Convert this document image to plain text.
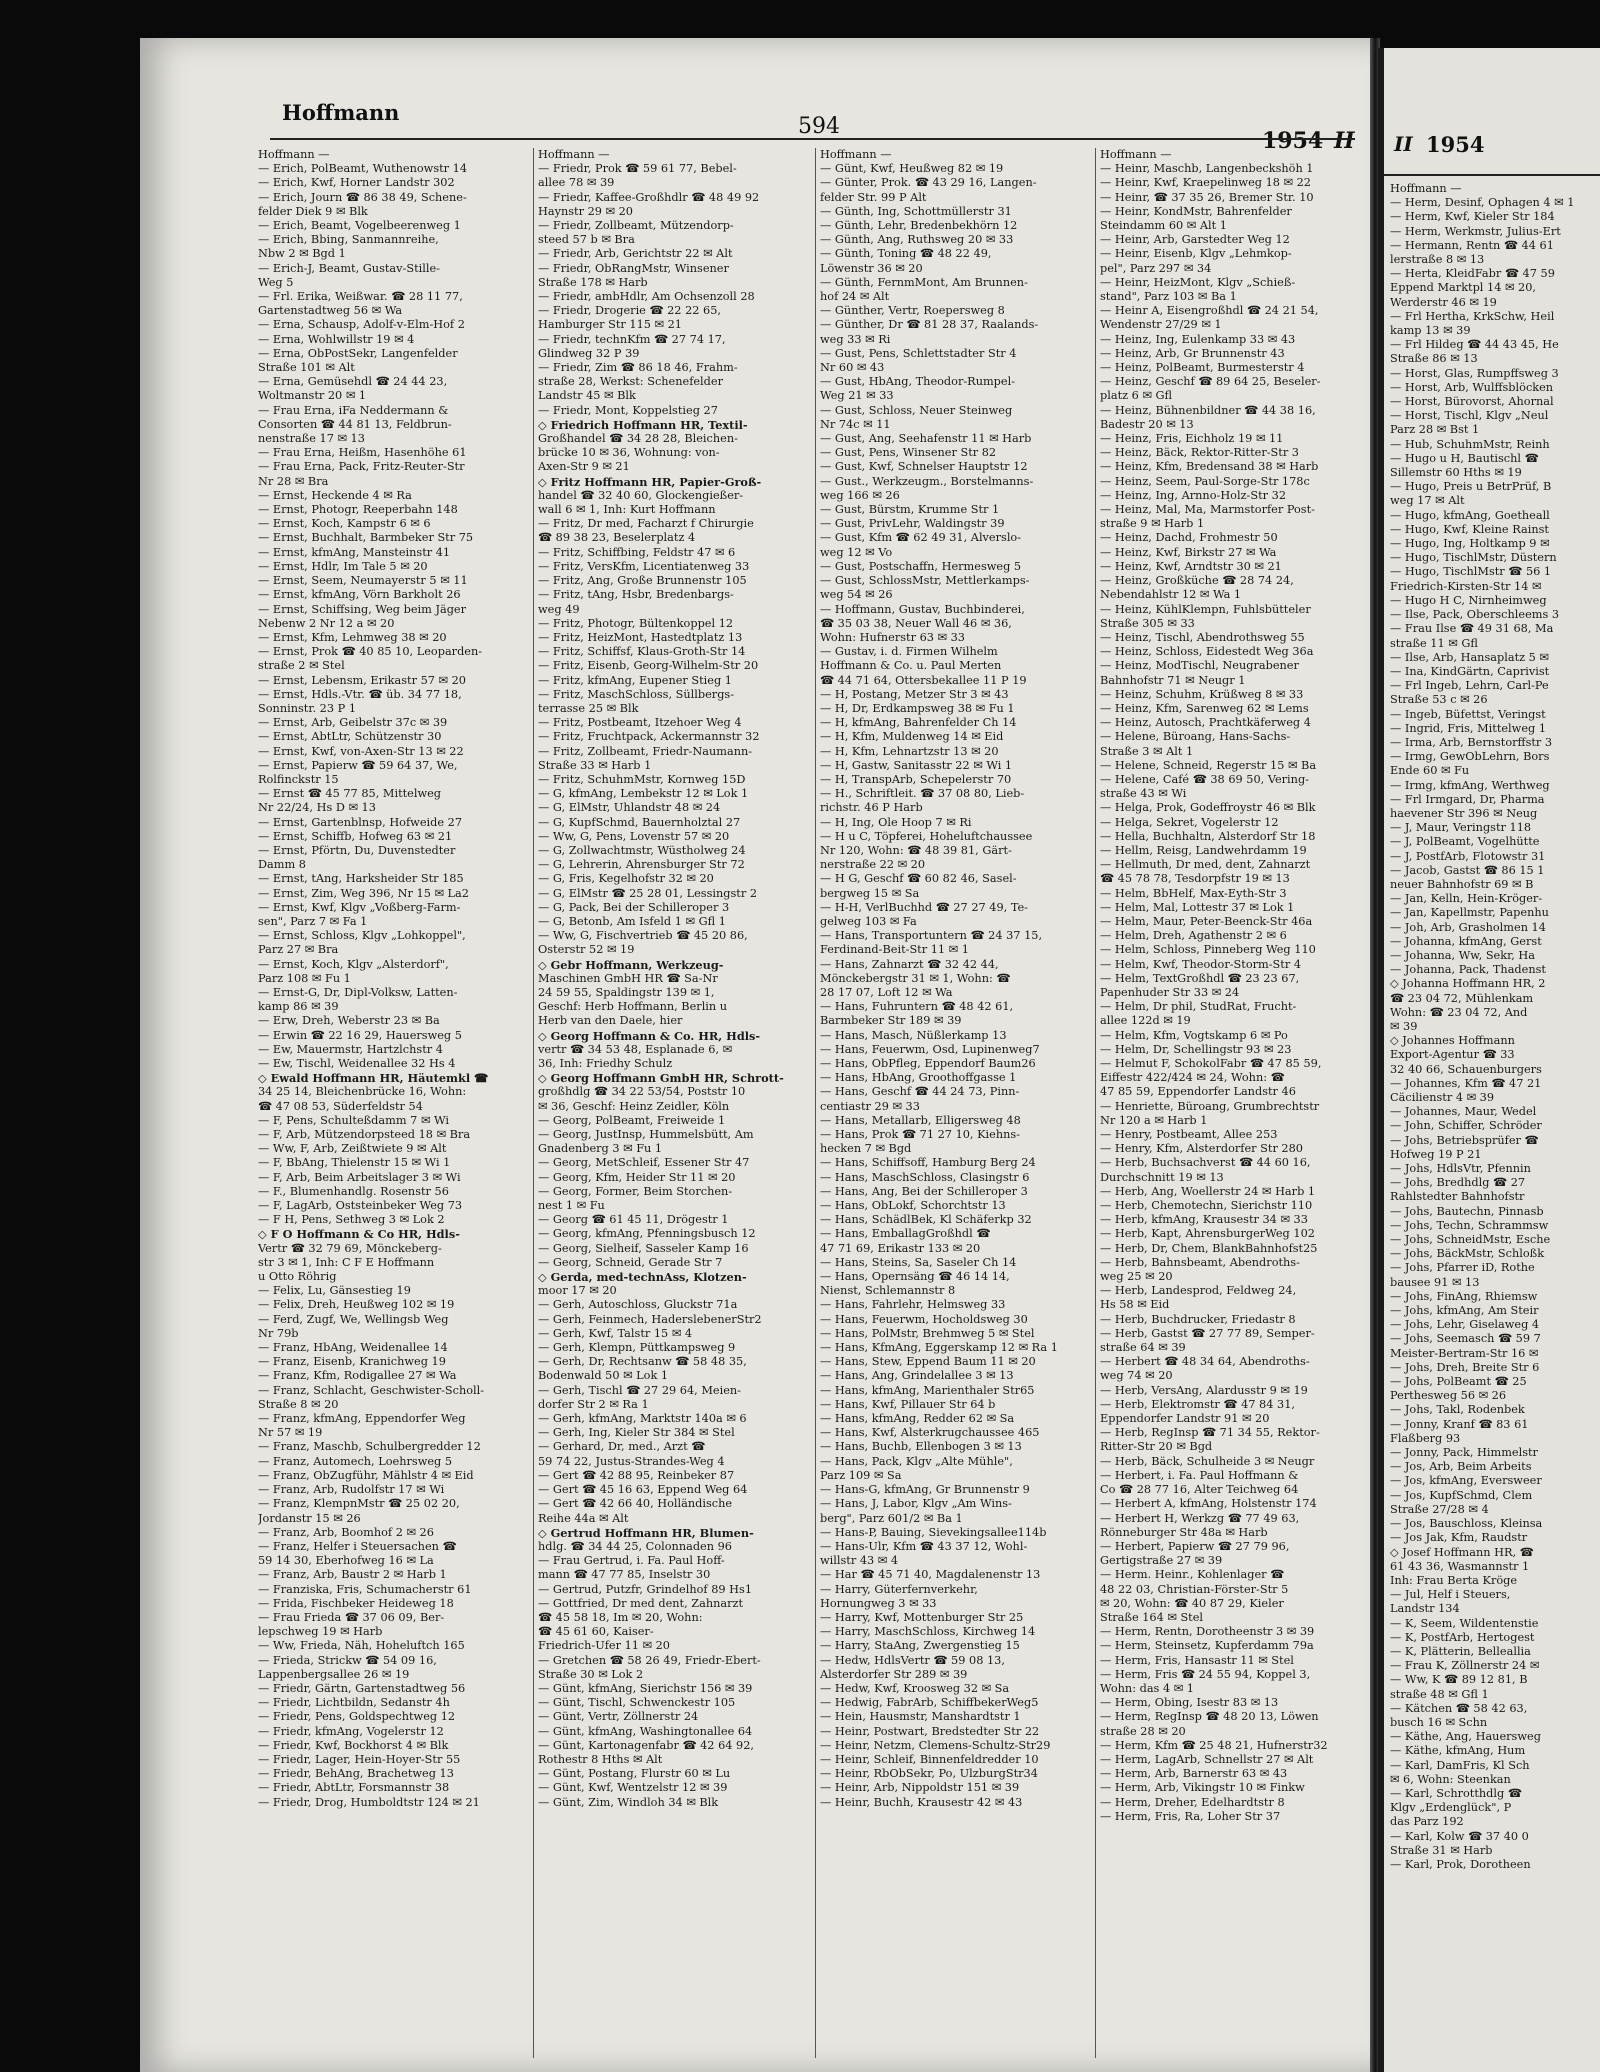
II 1954
Hoffmann —
— Herm, Desinf, Ophagen 4 ✉ 1
— Herm, Kwf, Kieler Str 184
— Herm, Werkmstr, Julius-Ert
— Hermann, Rentn ☎ 44 61
lerstraße 8 ✉ 13
— Herta, KleidFabr ☎ 47 59
Eppend Marktpl 14 ✉ 20,
Werderstr 46 ✉ 19
— Frl Hertha, KrkSchw, Heil
kamp 13 ✉ 39
— Frl Hildeg ☎ 44 43 45, He
Straße 86 ✉ 13
— Horst, Glas, Rumpffsweg 3
— Horst, Arb, Wulffsblöcken
— Horst, Bürovorst, Ahornal
— Horst, Tischl, Klgv „Neul
Parz 28 ✉ Bst 1
— Hub, SchuhmMstr, Reinh
— Hugo u H, Bautischl ☎
Sillemstr 60 Hths ✉ 19
— Hugo, Preis u BetrPrüf, B
weg 17 ✉ Alt
— Hugo, kfmAng, Goetheall
— Hugo, Kwf, Kleine Rainst
— Hugo, Ing, Holtkamp 9 ✉
— Hugo, TischlMstr, Düstern
— Hugo, TischlMstr ☎ 56 1
Friedrich-Kirsten-Str 14 ✉
— Hugo H C, Nirnheimweg
— Ilse, Pack, Oberschleems 3
— Frau Ilse ☎ 49 31 68, Ma
straße 11 ✉ Gfl
— Ilse, Arb, Hansaplatz 5 ✉
— Ina, KindGärtn, Caprivist
— Frl Ingeb, Lehrn, Carl-Pe
Straße 53 c ✉ 26
— Ingeb, Büfettst, Veringst
— Ingrid, Fris, Mittelweg 1
— Irma, Arb, Bernstorffstr 3
— Irmg, GewObLehrn, Bors
Ende 60 ✉ Fu
— Irmg, kfmAng, Werthweg
— Frl Irmgard, Dr, Pharma
haevener Str 396 ✉ Neug
— J, Maur, Veringstr 118
— J, PolBeamt, Vogelhütte
— J, PostfArb, Flotowstr 31
— Jacob, Gastst ☎ 86 15 1
neuer Bahnhofstr 69 ✉ B
— Jan, Kelln, Hein-Kröger-
— Jan, Kapellmstr, Papenhu
— Joh, Arb, Grasholmen 14
— Johanna, kfmAng, Gerst
— Johanna, Ww, Sekr, Ha
— Johanna, Pack, Thadenst
◇ Johanna Hoffmann HR, 2
☎ 23 04 72, Mühlenkam
Wohn: ☎ 23 04 72, And
✉ 39
◇ Johannes Hoffmann
Export-Agentur ☎ 33
32 40 66, Schauenburgers
— Johannes, Kfm ☎ 47 21
Cäcilienstr 4 ✉ 39
— Johannes, Maur, Wedel
— John, Schiffer, Schröder
— Johs, Betriebsprüfer ☎
Hofweg 19 P 21
— Johs, HdlsVtr, Pfennin
— Johs, Bredhdlg ☎ 27
Rahlstedter Bahnhofstr
— Johs, Bautechn, Pinnasb
— Johs, Techn, Schrammsw
— Johs, SchneidMstr, Esche
— Johs, BäckMstr, Schloßk
— Johs, Pfarrer iD, Rothe
bausee 91 ✉ 13
— Johs, FinAng, Rhiemsw
— Johs, kfmAng, Am Steir
— Johs, Lehr, Giselaweg 4
— Johs, Seemasch ☎ 59 7
Meister-Bertram-Str 16 ✉
— Johs, Dreh, Breite Str 6
— Johs, PolBeamt ☎ 25
Perthesweg 56 ✉ 26
— Johs, Takl, Rodenbek
— Jonny, Kranf ☎ 83 61
Flaßberg 93
— Jonny, Pack, Himmelstr
— Jos, Arb, Beim Arbeits
— Jos, kfmAng, Eversweer
— Jos, KupfSchmd, Clem
Straße 27/28 ✉ 4
— Jos, Bauschloss, Kleinsa
— Jos Jak, Kfm, Raudstr
◇ Josef Hoffmann HR, ☎
61 43 36, Wasmannstr 1
Inh: Frau Berta Kröge
— Jul, Helf i Steuers,
Landstr 134
— K, Seem, Wildentenstie
— K, PostfArb, Hertogest
— K, Plätterin, Belleallia
— Frau K, Zöllnerstr 24 ✉
— Ww, K ☎ 89 12 81, B
straße 48 ✉ Gfl 1
— Kätchen ☎ 58 42 63,
busch 16 ✉ Schn
— Käthe, Ang, Hauersweg
— Käthe, kfmAng, Hum
— Karl, DamFris, Kl Sch
✉ 6, Wohn: Steenkan
— Karl, Schrotthdlg ☎
Klgv „Erdenglück", P
das Parz 192
— Karl, Kolw ☎ 37 40 0
Straße 31 ✉ Harb
— Karl, Prok, Dorotheen
Hoffmann
594
1954 II
Hoffmann —
— Erich, PolBeamt, Wuthenowstr 14
— Erich, Kwf, Horner Landstr 302
— Erich, Journ ☎ 86 38 49, Schene-
felder Diek 9 ✉ Blk
— Erich, Beamt, Vogelbeerenweg 1
— Erich, Bbing, Sanmannreihe,
Nbw 2 ✉ Bgd 1
— Erich-J, Beamt, Gustav-Stille-
Weg 5
— Frl. Erika, Weißwar. ☎ 28 11 77,
Gartenstadtweg 56 ✉ Wa
— Erna, Schausp, Adolf-v-Elm-Hof 2
— Erna, Wohlwillstr 19 ✉ 4
— Erna, ObPostSekr, Langenfelder
Straße 101 ✉ Alt
— Erna, Gemüsehdl ☎ 24 44 23,
Woltmanstr 20 ✉ 1
— Frau Erna, iFa Neddermann &
Consorten ☎ 44 81 13, Feldbrun-
nenstraße 17 ✉ 13
— Frau Erna, Heißm, Hasenhöhe 61
— Frau Erna, Pack, Fritz-Reuter-Str
Nr 28 ✉ Bra
— Ernst, Heckende 4 ✉ Ra
— Ernst, Photogr, Reeperbahn 148
— Ernst, Koch, Kampstr 6 ✉ 6
— Ernst, Buchhalt, Barmbeker Str 75
— Ernst, kfmAng, Mansteinstr 41
— Ernst, Hdlr, Im Tale 5 ✉ 20
— Ernst, Seem, Neumayerstr 5 ✉ 11
— Ernst, kfmAng, Vörn Barkholt 26
— Ernst, Schiffsing, Weg beim Jäger
Nebenw 2 Nr 12 a ✉ 20
— Ernst, Kfm, Lehmweg 38 ✉ 20
— Ernst, Prok ☎ 40 85 10, Leoparden-
straße 2 ✉ Stel
— Ernst, Lebensm, Erikastr 57 ✉ 20
— Ernst, Hdls.-Vtr. ☎ üb. 34 77 18,
Sonninstr. 23 P 1
— Ernst, Arb, Geibelstr 37c ✉ 39
— Ernst, AbtLtr, Schützenstr 30
— Ernst, Kwf, von-Axen-Str 13 ✉ 22
— Ernst, Papierw ☎ 59 64 37, We,
Rolfinckstr 15
— Ernst ☎ 45 77 85, Mittelweg
Nr 22/24, Hs D ✉ 13
— Ernst, Gartenblnsp, Hofweide 27
— Ernst, Schiffb, Hofweg 63 ✉ 21
— Ernst, Pförtn, Du, Duvenstedter
Damm 8
— Ernst, tAng, Harksheider Str 185
— Ernst, Zim, Weg 396, Nr 15 ✉ La2
— Ernst, Kwf, Klgv „Voßberg-Farm-
sen", Parz 7 ✉ Fa 1
— Ernst, Schloss, Klgv „Lohkoppel",
Parz 27 ✉ Bra
— Ernst, Koch, Klgv „Alsterdorf",
Parz 108 ✉ Fu 1
— Ernst-G, Dr, Dipl-Volksw, Latten-
kamp 86 ✉ 39
— Erw, Dreh, Weberstr 23 ✉ Ba
— Erwin ☎ 22 16 29, Hauersweg 5
— Ew, Mauermstr, Hartzlchstr 4
— Ew, Tischl, Weidenallee 32 Hs 4
◇ Ewald Hoffmann HR, Häutemkl ☎
34 25 14, Bleichenbrücke 16, Wohn:
☎ 47 08 53, Süderfeldstr 54
— F, Pens, Schulteßdamm 7 ✉ Wi
— F, Arb, Mützendorpsteed 18 ✉ Bra
— Ww, F, Arb, Zeißtwiete 9 ✉ Alt
— F, BbAng, Thielenstr 15 ✉ Wi 1
— F, Arb, Beim Arbeitslager 3 ✉ Wi
— F., Blumenhandlg. Rosenstr 56
— F, LagArb, Oststeinbeker Weg 73
— F H, Pens, Sethweg 3 ✉ Lok 2
◇ F O Hoffmann & Co HR, Hdls-
Vertr ☎ 32 79 69, Mönckeberg-
str 3 ✉ 1, Inh: C F E Hoffmann
u Otto Röhrig
— Felix, Lu, Gänsestieg 19
— Felix, Dreh, Heußweg 102 ✉ 19
— Ferd, Zugf, We, Wellingsb Weg
Nr 79b
— Franz, HbAng, Weidenallee 14
— Franz, Eisenb, Kranichweg 19
— Franz, Kfm, Rodigallee 27 ✉ Wa
— Franz, Schlacht, Geschwister-Scholl-
Straße 8 ✉ 20
— Franz, kfmAng, Eppendorfer Weg
Nr 57 ✉ 19
— Franz, Maschb, Schulbergredder 12
— Franz, Automech, Loehrsweg 5
— Franz, ObZugführ, Mählstr 4 ✉ Eid
— Franz, Arb, Rudolfstr 17 ✉ Wi
— Franz, KlempnMstr ☎ 25 02 20,
Jordanstr 15 ✉ 26
— Franz, Arb, Boomhof 2 ✉ 26
— Franz, Helfer i Steuersachen ☎
59 14 30, Eberhofweg 16 ✉ La
— Franz, Arb, Baustr 2 ✉ Harb 1
— Franziska, Fris, Schumacherstr 61
— Frida, Fischbeker Heideweg 18
— Frau Frieda ☎ 37 06 09, Ber-
lepschweg 19 ✉ Harb
— Ww, Frieda, Näh, Hoheluftch 165
— Frieda, Strickw ☎ 54 09 16,
Lappenbergsallee 26 ✉ 19
— Friedr, Gärtn, Gartenstadtweg 56
— Friedr, Lichtbildn, Sedanstr 4h
— Friedr, Pens, Goldspechtweg 12
— Friedr, kfmAng, Vogelerstr 12
— Friedr, Kwf, Bockhorst 4 ✉ Blk
— Friedr, Lager, Hein-Hoyer-Str 55
— Friedr, BehAng, Brachetweg 13
— Friedr, AbtLtr, Forsmannstr 38
— Friedr, Drog, Humboldtstr 124 ✉ 21
Hoffmann —
— Friedr, Prok ☎ 59 61 77, Bebel-
allee 78 ✉ 39
— Friedr, Kaffee-Großhdlr ☎ 48 49 92
Haynstr 29 ✉ 20
— Friedr, Zollbeamt, Mützendorp-
steed 57 b ✉ Bra
— Friedr, Arb, Gerichtstr 22 ✉ Alt
— Friedr, ObRangMstr, Winsener
Straße 178 ✉ Harb
— Friedr, ambHdlr, Am Ochsenzoll 28
— Friedr, Drogerie ☎ 22 22 65,
Hamburger Str 115 ✉ 21
— Friedr, technKfm ☎ 27 74 17,
Glindweg 32 P 39
— Friedr, Zim ☎ 86 18 46, Frahm-
straße 28, Werkst: Schenefelder
Landstr 45 ✉ Blk
— Friedr, Mont, Koppelstieg 27
◇ Friedrich Hoffmann HR, Textil-
Großhandel ☎ 34 28 28, Bleichen-
brücke 10 ✉ 36, Wohnung: von-
Axen-Str 9 ✉ 21
◇ Fritz Hoffmann HR, Papier-Groß-
handel ☎ 32 40 60, Glockengießer-
wall 6 ✉ 1, Inh: Kurt Hoffmann
— Fritz, Dr med, Facharzt f Chirurgie
☎ 89 38 23, Beselerplatz 4
— Fritz, Schiffbing, Feldstr 47 ✉ 6
— Fritz, VersKfm, Licentiatenweg 33
— Fritz, Ang, Große Brunnenstr 105
— Fritz, tAng, Hsbr, Bredenbargs-
weg 49
— Fritz, Photogr, Bültenkoppel 12
— Fritz, HeizMont, Hastedtplatz 13
— Fritz, Schiffsf, Klaus-Groth-Str 14
— Fritz, Eisenb, Georg-Wilhelm-Str 20
— Fritz, kfmAng, Eupener Stieg 1
— Fritz, MaschSchloss, Süllbergs-
terrasse 25 ✉ Blk
— Fritz, Postbeamt, Itzehoer Weg 4
— Fritz, Fruchtpack, Ackermannstr 32
— Fritz, Zollbeamt, Friedr-Naumann-
Straße 33 ✉ Harb 1
— Fritz, SchuhmMstr, Kornweg 15D
— G, kfmAng, Lembekstr 12 ✉ Lok 1
— G, ElMstr, Uhlandstr 48 ✉ 24
— G, KupfSchmd, Bauernholztal 27
— Ww, G, Pens, Lovenstr 57 ✉ 20
— G, Zollwachtmstr, Wüstholweg 24
— G, Lehrerin, Ahrensburger Str 72
— G, Fris, Kegelhofstr 32 ✉ 20
— G, ElMstr ☎ 25 28 01, Lessingstr 2
— G, Pack, Bei der Schilleroper 3
— G, Betonb, Am Isfeld 1 ✉ Gfl 1
— Ww, G, Fischvertrieb ☎ 45 20 86,
Osterstr 52 ✉ 19
◇ Gebr Hoffmann, Werkzeug-
Maschinen GmbH HR ☎ Sa-Nr
24 59 55, Spaldingstr 139 ✉ 1,
Geschf: Herb Hoffmann, Berlin u
Herb van den Daele, hier
◇ Georg Hoffmann & Co. HR, Hdls-
vertr ☎ 34 53 48, Esplanade 6, ✉
36, Inh: Friedhy Schulz
◇ Georg Hoffmann GmbH HR, Schrott-
großhdlg ☎ 34 22 53/54, Poststr 10
✉ 36, Geschf: Heinz Zeidler, Köln
— Georg, PolBeamt, Freiweide 1
— Georg, JustInsp, Hummelsbütt, Am
Gnadenberg 3 ✉ Fu 1
— Georg, MetSchleif, Essener Str 47
— Georg, Kfm, Heider Str 11 ✉ 20
— Georg, Former, Beim Storchen-
nest 1 ✉ Fu
— Georg ☎ 61 45 11, Drögestr 1
— Georg, kfmAng, Pfenningsbusch 12
— Georg, Sielheif, Sasseler Kamp 16
— Georg, Schneid, Gerade Str 7
◇ Gerda, med-technAss, Klotzen-
moor 17 ✉ 20
— Gerh, Autoschloss, Gluckstr 71a
— Gerh, Feinmech, HaderslebenerStr2
— Gerh, Kwf, Talstr 15 ✉ 4
— Gerh, Klempn, Püttkampsweg 9
— Gerh, Dr, Rechtsanw ☎ 58 48 35,
Bodenwald 50 ✉ Lok 1
— Gerh, Tischl ☎ 27 29 64, Meien-
dorfer Str 2 ✉ Ra 1
— Gerh, kfmAng, Marktstr 140a ✉ 6
— Gerh, Ing, Kieler Str 384 ✉ Stel
— Gerhard, Dr, med., Arzt ☎
59 74 22, Justus-Strandes-Weg 4
— Gert ☎ 42 88 95, Reinbeker 87
— Gert ☎ 45 16 63, Eppend Weg 64
— Gert ☎ 42 66 40, Holländische
Reihe 44a ✉ Alt
◇ Gertrud Hoffmann HR, Blumen-
hdlg. ☎ 34 44 25, Colonnaden 96
— Frau Gertrud, i. Fa. Paul Hoff-
mann ☎ 47 77 85, Inselstr 30
— Gertrud, Putzfr, Grindelhof 89 Hs1
— Gottfried, Dr med dent, Zahnarzt
☎ 45 58 18, Im ✉ 20, Wohn:
☎ 45 61 60, Kaiser-
Friedrich-Ufer 11 ✉ 20
— Gretchen ☎ 58 26 49, Friedr-Ebert-
Straße 30 ✉ Lok 2
— Günt, kfmAng, Sierichstr 156 ✉ 39
— Günt, Tischl, Schwenckestr 105
— Günt, Vertr, Zöllnerstr 24
— Günt, kfmAng, Washingtonallee 64
— Günt, Kartonagenfabr ☎ 42 64 92,
Rothestr 8 Hths ✉ Alt
— Günt, Postang, Flurstr 60 ✉ Lu
— Günt, Kwf, Wentzelstr 12 ✉ 39
— Günt, Zim, Windloh 34 ✉ Blk
Hoffmann —
— Günt, Kwf, Heußweg 82 ✉ 19
— Günter, Prok. ☎ 43 29 16, Langen-
felder Str. 99 P Alt
— Günth, Ing, Schottmüllerstr 31
— Günth, Lehr, Bredenbekhörn 12
— Günth, Ang, Ruthsweg 20 ✉ 33
— Günth, Toning ☎ 48 22 49,
Löwenstr 36 ✉ 20
— Günth, FernmMont, Am Brunnen-
hof 24 ✉ Alt
— Günther, Vertr, Roepersweg 8
— Günther, Dr ☎ 81 28 37, Raalands-
weg 33 ✉ Ri
— Gust, Pens, Schlettstadter Str 4
Nr 60 ✉ 43
— Gust, HbAng, Theodor-Rumpel-
Weg 21 ✉ 33
— Gust, Schloss, Neuer Steinweg
Nr 74c ✉ 11
— Gust, Ang, Seehafenstr 11 ✉ Harb
— Gust, Pens, Winsener Str 82
— Gust, Kwf, Schnelser Hauptstr 12
— Gust., Werkzeugm., Borstelmanns-
weg 166 ✉ 26
— Gust, Bürstm, Krumme Str 1
— Gust, PrivLehr, Waldingstr 39
— Gust, Kfm ☎ 62 49 31, Alverslo-
weg 12 ✉ Vo
— Gust, Postschaffn, Hermesweg 5
— Gust, SchlossMstr, Mettlerkamps-
weg 54 ✉ 26
— Hoffmann, Gustav, Buchbinderei,
☎ 35 03 38, Neuer Wall 46 ✉ 36,
Wohn: Hufnerstr 63 ✉ 33
— Gustav, i. d. Firmen Wilhelm
Hoffmann & Co. u. Paul Merten
☎ 44 71 64, Ottersbekallee 11 P 19
— H, Postang, Metzer Str 3 ✉ 43
— H, Dr, Erdkampsweg 38 ✉ Fu 1
— H, kfmAng, Bahrenfelder Ch 14
— H, Kfm, Muldenweg 14 ✉ Eid
— H, Kfm, Lehnartzstr 13 ✉ 20
— H, Gastw, Sanitasstr 22 ✉ Wi 1
— H, TranspArb, Schepelerstr 70
— H., Schriftleit. ☎ 37 08 80, Lieb-
richstr. 46 P Harb
— H, Ing, Ole Hoop 7 ✉ Ri
— H u C, Töpferei, Hoheluftchaussee
Nr 120, Wohn: ☎ 48 39 81, Gärt-
nerstraße 22 ✉ 20
— H G, Geschf ☎ 60 82 46, Sasel-
bergweg 15 ✉ Sa
— H-H, VerlBuchhd ☎ 27 27 49, Te-
gelweg 103 ✉ Fa
— Hans, Transportuntern ☎ 24 37 15,
Ferdinand-Beit-Str 11 ✉ 1
— Hans, Zahnarzt ☎ 32 42 44,
Mönckebergstr 31 ✉ 1, Wohn: ☎
28 17 07, Loft 12 ✉ Wa
— Hans, Fuhruntern ☎ 48 42 61,
Barmbeker Str 189 ✉ 39
— Hans, Masch, Nüßlerkamp 13
— Hans, Feuerwm, Osd, Lupinenweg7
— Hans, ObPfleg, Eppendorf Baum26
— Hans, HbAng, Groothoffgasse 1
— Hans, Geschf ☎ 44 24 73, Pinn-
centiastr 29 ✉ 33
— Hans, Metallarb, Elligersweg 48
— Hans, Prok ☎ 71 27 10, Kiehns-
hecken 7 ✉ Bgd
— Hans, Schiffsoff, Hamburg Berg 24
— Hans, MaschSchloss, Clasingstr 6
— Hans, Ang, Bei der Schilleroper 3
— Hans, ObLokf, Schorchtstr 13
— Hans, SchädlBek, Kl Schäferkp 32
— Hans, EmballagGroßhdl ☎
47 71 69, Erikastr 133 ✉ 20
— Hans, Steins, Sa, Saseler Ch 14
— Hans, Opernsäng ☎ 46 14 14,
Nienst, Schlemannstr 8
— Hans, Fahrlehr, Helmsweg 33
— Hans, Feuerwm, Hocholdsweg 30
— Hans, PolMstr, Brehmweg 5 ✉ Stel
— Hans, KfmAng, Eggerskamp 12 ✉ Ra 1
— Hans, Stew, Eppend Baum 11 ✉ 20
— Hans, Ang, Grindelallee 3 ✉ 13
— Hans, kfmAng, Marienthaler Str65
— Hans, Kwf, Pillauer Str 64 b
— Hans, kfmAng, Redder 62 ✉ Sa
— Hans, Kwf, Alsterkrugchaussee 465
— Hans, Buchb, Ellenbogen 3 ✉ 13
— Hans, Pack, Klgv „Alte Mühle",
Parz 109 ✉ Sa
— Hans-G, kfmAng, Gr Brunnenstr 9
— Hans, J, Labor, Klgv „Am Wins-
berg", Parz 601/2 ✉ Ba 1
— Hans-P, Bauing, Sievekingsallee114b
— Hans-Ulr, Kfm ☎ 43 37 12, Wohl-
willstr 43 ✉ 4
— Har ☎ 45 71 40, Magdalenenstr 13
— Harry, Güterfernverkehr,
Hornungweg 3 ✉ 33
— Harry, Kwf, Mottenburger Str 25
— Harry, MaschSchloss, Kirchweg 14
— Harry, StaAng, Zwergenstieg 15
— Hedw, HdlsVertr ☎ 59 08 13,
Alsterdorfer Str 289 ✉ 39
— Hedw, Kwf, Kroosweg 32 ✉ Sa
— Hedwig, FabrArb, SchiffbekerWeg5
— Hein, Hausmstr, Manshardtstr 1
— Heinr, Postwart, Bredstedter Str 22
— Heinr, Netzm, Clemens-Schultz-Str29
— Heinr, Schleif, Binnenfeldredder 10
— Heinr, RbObSekr, Po, UlzburgStr34
— Heinr, Arb, Nippoldstr 151 ✉ 39
— Heinr, Buchh, Krausestr 42 ✉ 43
Hoffmann —
— Heinr, Maschb, Langenbeckshöh 1
— Heinr, Kwf, Kraepelinweg 18 ✉ 22
— Heinr, ☎ 37 35 26, Bremer Str. 10
— Heinr, KondMstr, Bahrenfelder
Steindamm 60 ✉ Alt 1
— Heinr, Arb, Garstedter Weg 12
— Heinr, Eisenb, Klgv „Lehmkop-
pel", Parz 297 ✉ 34
— Heinr, HeizMont, Klgv „Schieß-
stand", Parz 103 ✉ Ba 1
— Heinr A, Eisengroßhdl ☎ 24 21 54,
Wendenstr 27/29 ✉ 1
— Heinz, Ing, Eulenkamp 33 ✉ 43
— Heinz, Arb, Gr Brunnenstr 43
— Heinz, PolBeamt, Burmesterstr 4
— Heinz, Geschf ☎ 89 64 25, Beseler-
platz 6 ✉ Gfl
— Heinz, Bühnenbildner ☎ 44 38 16,
Badestr 20 ✉ 13
— Heinz, Fris, Eichholz 19 ✉ 11
— Heinz, Bäck, Rektor-Ritter-Str 3
— Heinz, Kfm, Bredensand 38 ✉ Harb
— Heinz, Seem, Paul-Sorge-Str 178c
— Heinz, Ing, Arnno-Holz-Str 32
— Heinz, Mal, Ma, Marmstorfer Post-
straße 9 ✉ Harb 1
— Heinz, Dachd, Frohmestr 50
— Heinz, Kwf, Birkstr 27 ✉ Wa
— Heinz, Kwf, Arndtstr 30 ✉ 21
— Heinz, Großküche ☎ 28 74 24,
Nebendahlstr 12 ✉ Wa 1
— Heinz, KühlKlempn, Fuhlsbütteler
Straße 305 ✉ 33
— Heinz, Tischl, Abendrothsweg 55
— Heinz, Schloss, Eidestedt Weg 36a
— Heinz, ModTischl, Neugrabener
Bahnhofstr 71 ✉ Neugr 1
— Heinz, Schuhm, Krüßweg 8 ✉ 33
— Heinz, Kfm, Sarenweg 62 ✉ Lems
— Heinz, Autosch, Prachtkäferweg 4
— Helene, Büroang, Hans-Sachs-
Straße 3 ✉ Alt 1
— Helene, Schneid, Regerstr 15 ✉ Ba
— Helene, Café ☎ 38 69 50, Vering-
straße 43 ✉ Wi
— Helga, Prok, Godeffroystr 46 ✉ Blk
— Helga, Sekret, Vogelerstr 12
— Hella, Buchhaltn, Alsterdorf Str 18
— Hellm, Reisg, Landwehrdamm 19
— Hellmuth, Dr med, dent, Zahnarzt
☎ 45 78 78, Tesdorpfstr 19 ✉ 13
— Helm, BbHelf, Max-Eyth-Str 3
— Helm, Mal, Lottestr 37 ✉ Lok 1
— Helm, Maur, Peter-Beenck-Str 46a
— Helm, Dreh, Agathenstr 2 ✉ 6
— Helm, Schloss, Pinneberg Weg 110
— Helm, Kwf, Theodor-Storm-Str 4
— Helm, TextGroßhdl ☎ 23 23 67,
Papenhuder Str 33 ✉ 24
— Helm, Dr phil, StudRat, Frucht-
allee 122d ✉ 19
— Helm, Kfm, Vogtskamp 6 ✉ Po
— Helm, Dr, Schellingstr 93 ✉ 23
— Helmut F, SchokolFabr ☎ 47 85 59,
Eiffestr 422/424 ✉ 24, Wohn: ☎
47 85 59, Eppendorfer Landstr 46
— Henriette, Büroang, Grumbrechtstr
Nr 120 a ✉ Harb 1
— Henry, Postbeamt, Allee 253
— Henry, Kfm, Alsterdorfer Str 280
— Herb, Buchsachverst ☎ 44 60 16,
Durchschnitt 19 ✉ 13
— Herb, Ang, Woellerstr 24 ✉ Harb 1
— Herb, Chemotechn, Sierichstr 110
— Herb, kfmAng, Krausestr 34 ✉ 33
— Herb, Kapt, AhrensburgerWeg 102
— Herb, Dr, Chem, BlankBahnhofst25
— Herb, Bahnsbeamt, Abendroths-
weg 25 ✉ 20
— Herb, Landesprod, Feldweg 24,
Hs 58 ✉ Eid
— Herb, Buchdrucker, Friedastr 8
— Herb, Gastst ☎ 27 77 89, Semper-
straße 64 ✉ 39
— Herbert ☎ 48 34 64, Abendroths-
weg 74 ✉ 20
— Herb, VersAng, Alardusstr 9 ✉ 19
— Herb, Elektromstr ☎ 47 84 31,
Eppendorfer Landstr 91 ✉ 20
— Herb, RegInsp ☎ 71 34 55, Rektor-
Ritter-Str 20 ✉ Bgd
— Herb, Bäck, Schulheide 3 ✉ Neugr
— Herbert, i. Fa. Paul Hoffmann &
Co ☎ 28 77 16, Alter Teichweg 64
— Herbert A, kfmAng, Holstenstr 174
— Herbert H, Werkzg ☎ 77 49 63,
Rönneburger Str 48a ✉ Harb
— Herbert, Papierw ☎ 27 79 96,
Gertigstraße 27 ✉ 39
— Herm. Heinr., Kohlenlager ☎
48 22 03, Christian-Förster-Str 5
✉ 20, Wohn: ☎ 40 87 29, Kieler
Straße 164 ✉ Stel
— Herm, Rentn, Dorotheenstr 3 ✉ 39
— Herm, Steinsetz, Kupferdamm 79a
— Herm, Fris, Hansastr 11 ✉ Stel
— Herm, Fris ☎ 24 55 94, Koppel 3,
Wohn: das 4 ✉ 1
— Herm, Obing, Isestr 83 ✉ 13
— Herm, RegInsp ☎ 48 20 13, Löwen
straße 28 ✉ 20
— Herm, Kfm ☎ 25 48 21, Hufnerstr32
— Herm, LagArb, Schnellstr 27 ✉ Alt
— Herm, Arb, Barnerstr 63 ✉ 43
— Herm, Arb, Vikingstr 10 ✉ Finkw
— Herm, Dreher, Edelhardtstr 8
— Herm, Fris, Ra, Loher Str 37
